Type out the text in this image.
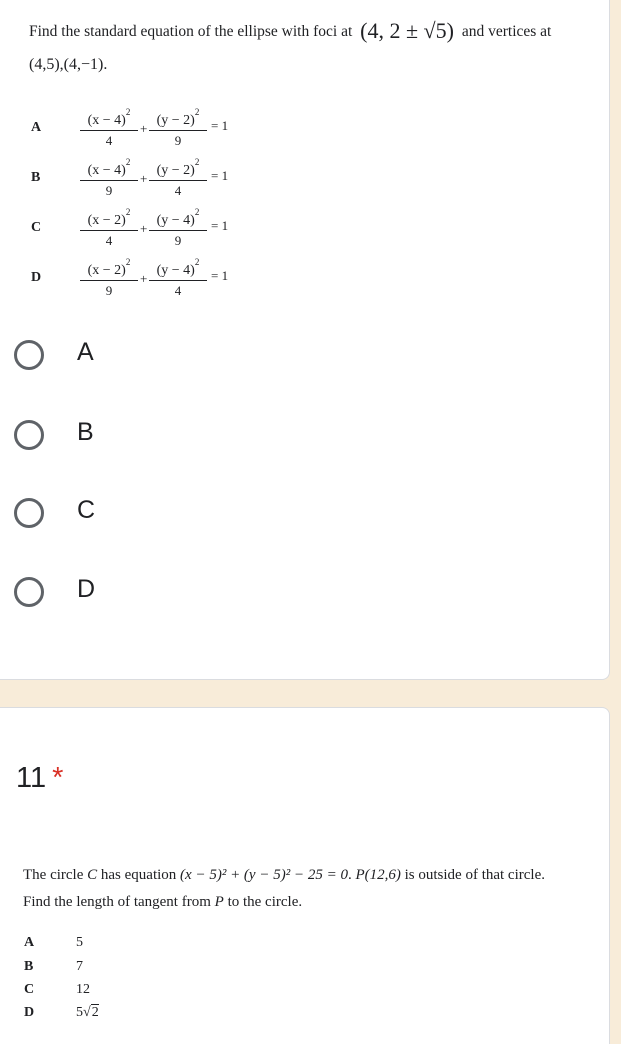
Find the standard equation of the ellipse with foci at (4, 2 ± √5) and vertices at
(4,5),(4,−1).
A	$(x - 4)^2$
4
+
$(y - 2)^2$
9
= 1
B	$(x - 4)^2$
9
+
$(y - 2)^2$
4
= 1
C	$(x - 2)^2$
4
+
$(y - 4)^2$
9
= 1
D	$(x - 2)^2$
9
+
$(y - 4)^2$
4
= 1
A
B
C
D
11 *
The circle C has equation (x − 5)² + (y − 5)² − 25 = 0. P(12,6) is outside of that circle. Find the length of tangent from P to the circle.
A	5
B	7
C	12
D	5√2
